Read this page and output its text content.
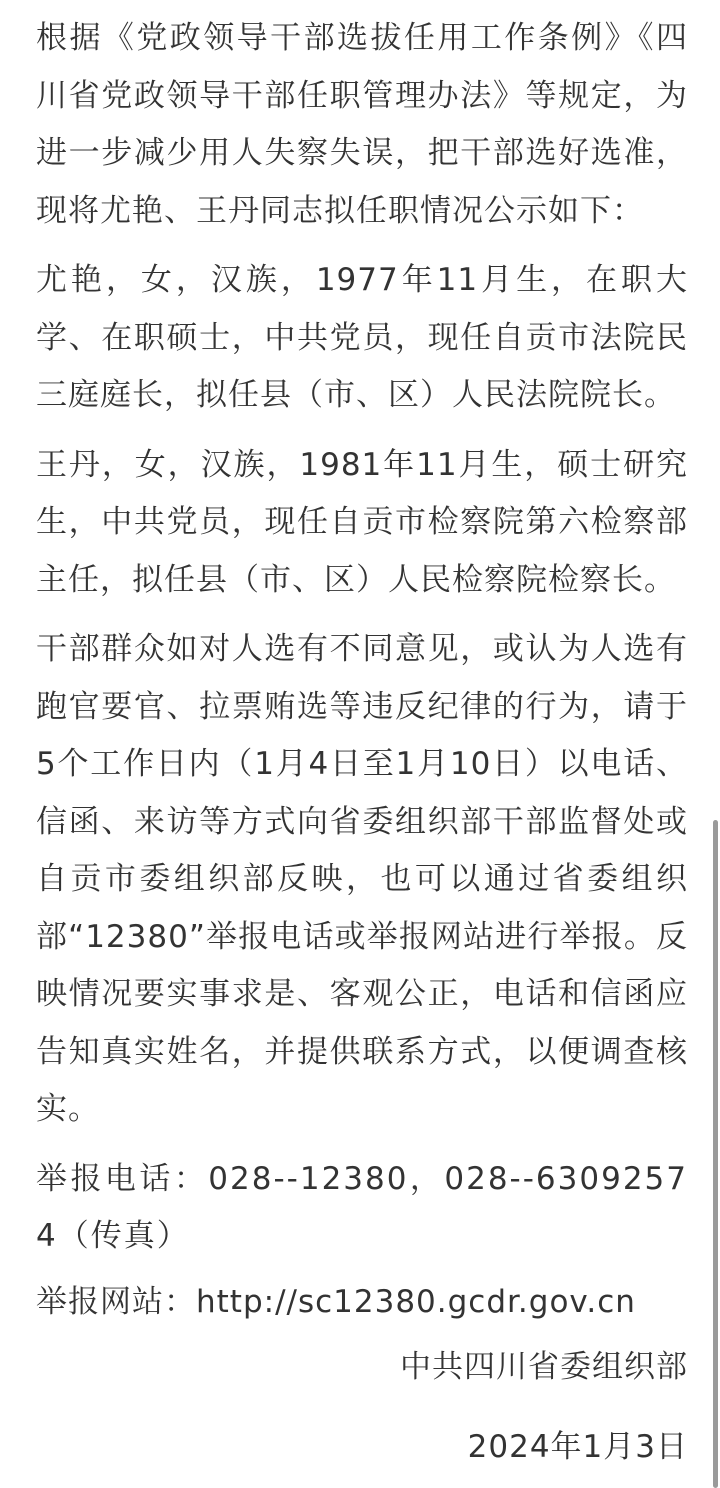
根据《党政领导干部选拔任用工作条例》《四川省党政领导干部任职管理办法》等规定，为进一步减少用人失察失误，把干部选好选准，现将尤艳、王丹同志拟任职情况公示如下：

尤艳，女，汉族，1977年11月生，在职大学、在职硕士，中共党员，现任自贡市法院民三庭庭长，拟任县（市、区）人民法院院长。

王丹，女，汉族，1981年11月生，硕士研究生，中共党员，现任自贡市检察院第六检察部主任，拟任县（市、区）人民检察院检察长。

干部群众如对人选有不同意见，或认为人选有跑官要官、拉票贿选等违反纪律的行为，请于5个工作日内（1月4日至1月10日）以电话、信函、来访等方式向省委组织部干部监督处或自贡市委组织部反映，也可以通过省委组织部“12380”举报电话或举报网站进行举报。反映情况要实事求是、客观公正，电话和信函应告知真实姓名，并提供联系方式，以便调查核实。

举报电话：028--12380，028--63092574（传真）

举报网站：http://sc12380.gcdr.gov.cn

中共四川省委组织部

2024年1月3日
